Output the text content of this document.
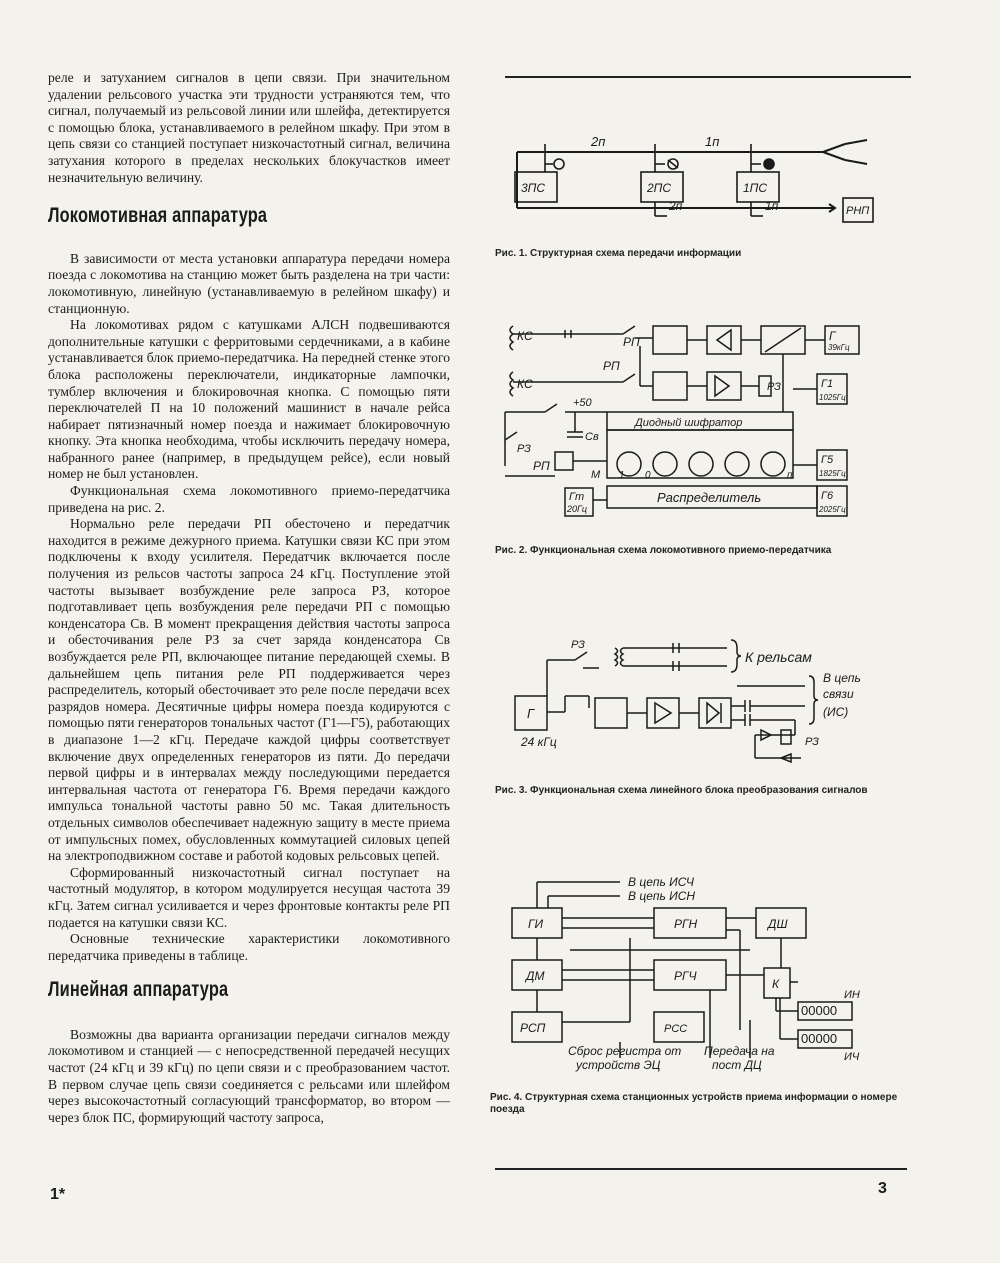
реле и затуханием сигналов в цепи связи. При значительном удалении рельсового участка эти трудности устраняются тем, что сигнал, получаемый из рельсовой линии или шлейфа, детектируется с помощью блока, устанавливаемого в релейном шкафу. При этом в цепь связи со станцией поступает низкочастотный сигнал, величина затухания которого в пределах нескольких блокучастков имеет незначительную величину.

Локомотивная аппаратура

В зависимости от места установки аппаратура передачи номера поезда с локомотива на станцию может быть разделена на три части: локомотивную, линейную (устанавливаемую в релейном шкафу) и станционную.

На локомотивах рядом с катушками АЛСН подвешиваются дополнительные катушки с ферритовыми сердечниками, а в кабине устанавливается блок приемо-передатчика. На передней стенке этого блока расположены переключатели, индикаторные лампочки, тумблер включения и блокировочная кнопка. С помощью пяти переключателей П на 10 положений машинист в начале рейса набирает пятизначный номер поезда и нажимает блокировочную кнопку. Эта кнопка необходима, чтобы исключить передачу номера, набранного ранее (например, в предыдущем рейсе), если новый номер не был установлен.

Функциональная схема локомотивного приемо-передатчика приведена на рис. 2.

Нормально реле передачи РП обесточено и передатчик находится в режиме дежурного приема. Катушки связи КС при этом подключены к входу усилителя. Передатчик включается после получения из рельсов частоты запроса 24 кГц. Поступление этой частоты вызывает возбуждение реле запроса РЗ, которое подготавливает цепь возбуждения реле передачи РП с помощью конденсатора Св. В момент прекращения действия частоты запроса и обесточивания реле РЗ за счет заряда конденсатора Св возбуждается реле РП, включающее питание передающей схемы. В дальнейшем цепь питания реле РП поддерживается через распределитель, который обесточивает это реле после передачи всех разрядов номера. Десятичные цифры номера поезда кодируются с помощью пяти генераторов тональных частот (Г1—Г5), работающих в диапазоне 1—2 кГц. Передаче каждой цифры соответствует включение двух определенных генераторов из пяти. До передачи первой цифры и в интервалах между последующими передается интервальная частота от генератора Г6. Время передачи каждого импульса тональной частоты равно 50 мс. Такая длительность отдельных символов обеспечивает надежную защиту в месте приема от импульсных помех, обусловленных коммутацией силовых цепей на электроподвижном составе и работой кодовых рельсовых цепей.

Сформированный низкочастотный сигнал поступает на частотный модулятор, в котором модулируется несущая частота 39 кГц. Затем сигнал усиливается и через фронтовые контакты реле РП подается на катушки связи КС.

Основные технические характеристики локомотивного передатчика приведены в таблице.

Линейная аппаратура

Возможны два варианта организации передачи сигналов между локомотивом и станцией — с непосредственной передачей несущих частот (24 кГц и 39 кГц) по цепи связи и с преобразованием частот. В первом случае цепь связи соединяется с рельсами или шлейфом через высокочастотный согласующий трансформатор, во втором — через блок ПС, формирующий частоту запроса,

2п	1п
3ПС	2ПС	1ПС
2п	1п	РНП
Рис. 1. Структурная схема передачи информации
КС
КС
РП
РП
РП
Г
39кГц
Г1
1025Гц
Г5
1825Гц
Г6
2025Гц
Гт
20Гц
+50
Св
РЗ
РЗ
М
Диодный шифратор
Распределитель
1 0	п
Рис. 2. Функциональная схема локомотивного приемо-передатчика
РЗ
К рельсам
В цепь
связи
(ИС)
Г
24 кГц	РЗ
Рис. 3. Функциональная схема линейного блока преобразования сигналов
В цепь ИСЧ
В цепь ИСН
ГИ	РГН	ДШ
ДМ	РГЧ
К
РСП	РСС
00000
00000
ИН
ИЧ
Сброс регистра от
устройств ЭЦ
Передача на
пост ДЦ
Рис. 4. Структурная схема станционных устройств приема информации о номере поезда
1*	3
